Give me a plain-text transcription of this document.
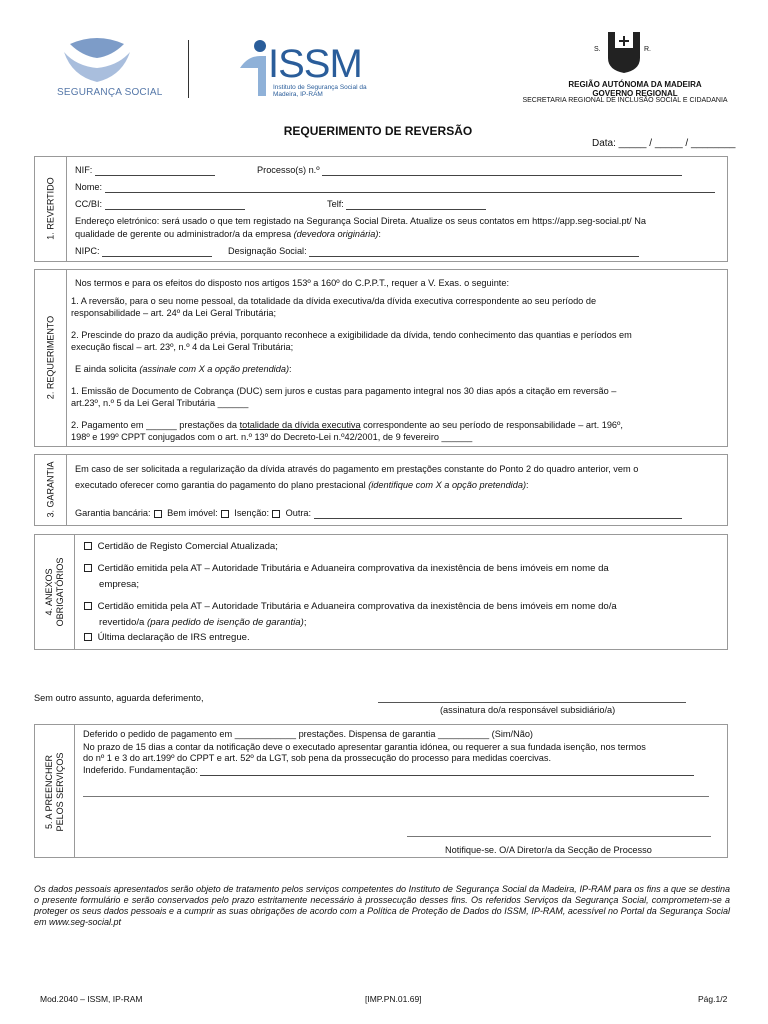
SEGURANÇA SOCIAL
ISSM
Instituto de Segurança Social da Madeira, IP-RAM
S.	R.
REGIÃO AUTÓNOMA DA MADEIRA
GOVERNO REGIONAL
SECRETARIA REGIONAL DE INCLUSÃO SOCIAL E CIDADANIA
REQUERIMENTO DE REVERSÃO
Data: _____ / _____ / ________
1. REVERTIDO
NIF:	Processo(s) n.º
Nome:
CC/BI:	Telf:
Endereço eletrónico: será usado o que tem registado na Segurança Social Direta. Atualize os seus contatos em https://app.seg-social.pt/ Na
qualidade de gerente ou administrador/a da empresa (devedora originária):
NIPC:	Designação Social:
2. REQUERIMENTO
Nos termos e para os efeitos do disposto nos artigos 153º a 160º do C.P.P.T., requer a V. Exas. o seguinte:
1. A reversão, para o seu nome pessoal, da totalidade da dívida executiva/da dívida executiva correspondente ao seu período de
responsabilidade – art. 24º da Lei Geral Tributária;
2. Prescinde do prazo da audição prévia, porquanto reconhece a exigibilidade da dívida, tendo conhecimento das quantias e períodos em
execução fiscal – art. 23º, n.º 4 da Lei Geral Tributária;
E ainda solicita (assinale com X a opção pretendida):
1. Emissão de Documento de Cobrança (DUC) sem juros e custas para pagamento integral nos 30 dias após a citação em reversão –
art.23º, n.º 5 da Lei Geral Tributária ______
2. Pagamento em ______ prestações da totalidade da dívida executiva correspondente ao seu período de responsabilidade – art. 196º,
198º e 199º CPPT conjugados com o art. n.º 13º do Decreto-Lei n.º42/2001, de 9 fevereiro ______
3. GARANTIA Em caso de ser solicitada a regularização da dívida através do pagamento em prestações constante do Ponto 2 do quadro anterior, vem o
executado oferecer como garantia do pagamento do plano prestacional (identifique com X a opção pretendida):
Garantia bancária: Bem imóvel: Isenção: Outra:
4. ANEXOS OBRIGATÓRIOS
Certidão de Registo Comercial Atualizada;
Certidão emitida pela AT – Autoridade Tributária e Aduaneira comprovativa da inexistência de bens imóveis em nome da
empresa;
Certidão emitida pela AT – Autoridade Tributária e Aduaneira comprovativa da inexistência de bens imóveis em nome do/a
revertido/a (para pedido de isenção de garantia);
Última declaração de IRS entregue.
Sem outro assunto, aguarda deferimento,
(assinatura do/a responsável subsidiário/a)
5. A PREENCHER PELOS SERVIÇOS
Deferido o pedido de pagamento em ____________ prestações. Dispensa de garantia __________ (Sim/Não)
No prazo de 15 dias a contar da notificação deve o executado apresentar garantia idónea, ou requerer a sua fundada isenção, nos termos
do nº 1 e 3 do art.199º do CPPT e art. 52º da LGT, sob pena da prossecução do processo para medidas coercivas.
Indeferido. Fundamentação:
Notifique-se. O/A Diretor/a da Secção de Processo
Os dados pessoais apresentados serão objeto de tratamento pelos serviços competentes do Instituto de Segurança Social da Madeira, IP-RAM para os fins a que se destina o presente formulário e serão conservados pelo prazo estritamente necessário à prossecução desses fins. Os referidos Serviços da Segurança Social, comprometem-se a proteger os seus dados pessoais e a cumprir as suas obrigações de acordo com a Política de Proteção de Dados do ISSM, IP-RAM, acessível no Portal da Segurança Social em www.seg-social.pt
Mod.2040 – ISSM, IP-RAM	[IMP.PN.01.69]	Pág.1/2
